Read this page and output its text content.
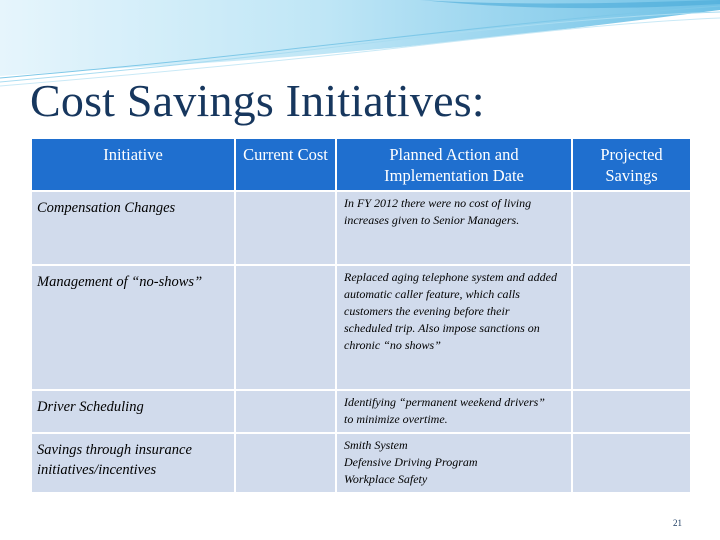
Cost Savings Initiatives:
Initiative	Current Cost	Planned Action and Implementation Date	Projected Savings
Compensation Changes		In FY 2012 there were no cost of living increases given to Senior Managers.	
Management of “no-shows”		Replaced aging telephone system and added automatic caller feature, which calls customers the evening before their scheduled trip. Also impose sanctions on chronic “no shows”	
Driver Scheduling		Identifying “permanent weekend drivers” to minimize overtime.	
Savings through insurance initiatives/incentives		Smith System
Defensive Driving Program
Workplace Safety	
21
